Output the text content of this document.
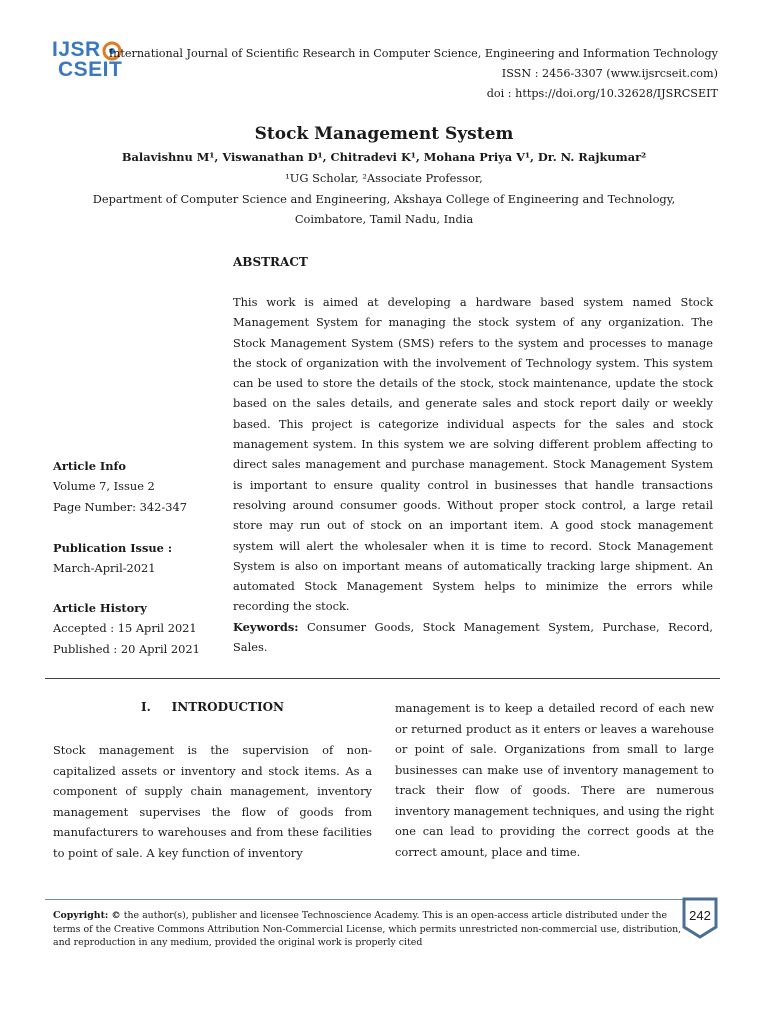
IJSR
CSEIT
International Journal of Scientific Research in Computer Science, Engineering and Information Technology
ISSN : 2456-3307 (www.ijsrcseit.com)
doi : https://doi.org/10.32628/IJSRCSEIT
Stock Management System
Balavishnu M¹, Viswanathan D¹, Chitradevi K¹, Mohana Priya V¹, Dr. N. Rajkumar²
¹UG Scholar, ²Associate Professor,
Department of Computer Science and Engineering, Akshaya College of Engineering and Technology,
Coimbatore, Tamil Nadu, India
ABSTRACT
This work is aimed at developing a hardware based system named Stock Management System for managing the stock system of any organization. The Stock Management System (SMS) refers to the system and processes to manage the stock of organization with the involvement of Technology system. This system can be used to store the details of the stock, stock maintenance, update the stock based on the sales details, and generate sales and stock report daily or weekly based. This project is categorize individual aspects for the sales and stock management system. In this system we are solving different problem affecting to direct sales management and purchase management. Stock Management System is important to ensure quality control in businesses that handle transactions resolving around consumer goods. Without proper stock control, a large retail store may run out of stock on an important item. A good stock management system will alert the wholesaler when it is time to record. Stock Management System is also on important means of automatically tracking large shipment. An automated Stock Management System helps to minimize the errors while recording the stock.
Keywords: Consumer Goods, Stock Management System, Purchase, Record, Sales.
Article Info
Volume 7, Issue 2
Page Number: 342-347
Publication Issue :
March-April-2021
Article History
Accepted : 15 April 2021
Published : 20 April 2021
I.     INTRODUCTION
Stock management is the supervision of non-capitalized assets or inventory and stock items. As a component of supply chain management, inventory management supervises the flow of goods from manufacturers to warehouses and from these facilities to point of sale. A key function of inventory
management is to keep a detailed record of each new or returned product as it enters or leaves a warehouse or point of sale. Organizations from small to large businesses can make use of inventory management to track their flow of goods. There are numerous inventory management techniques, and using the right one can lead to providing the correct goods at the correct amount, place and time.
Copyright: © the author(s), publisher and licensee Technoscience Academy. This is an open-access article distributed under the terms of the Creative Commons Attribution Non-Commercial License, which permits unrestricted non-commercial use, distribution, and reproduction in any medium, provided the original work is properly cited
242
